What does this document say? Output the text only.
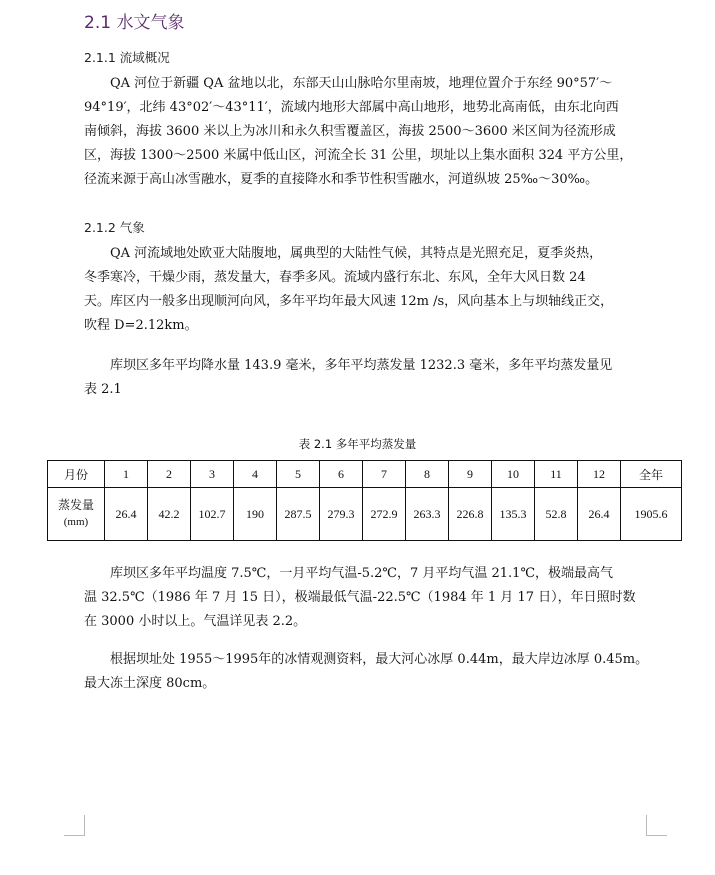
2.1 水文气象
2.1.1 流域概况
QA 河位于新疆 QA 盆地以北，东部天山山脉哈尔里南坡，地理位置介于东经 90°57′～
94°19′，北纬 43°02′～43°11′，流域内地形大部属中高山地形，地势北高南低，由东北向西
南倾斜，海拔 3600 米以上为冰川和永久积雪覆盖区，海拔 2500～3600 米区间为径流形成
区，海拔 1300～2500 米属中低山区，河流全长 31 公里，坝址以上集水面积 324 平方公里，
径流来源于高山冰雪融水，夏季的直接降水和季节性积雪融水，河道纵坡 25‰～30‰。
2.1.2 气象
QA 河流域地处欧亚大陆腹地，属典型的大陆性气候，其特点是光照充足，夏季炎热，
冬季寒冷，干燥少雨，蒸发量大，春季多风。流域内盛行东北、东风，全年大风日数 24
天。库区内一般多出现顺河向风，多年平均年最大风速 12m /s，风向基本上与坝轴线正交，
吹程 D=2.12km。
库坝区多年平均降水量 143.9 毫米，多年平均蒸发量 1232.3 毫米，多年平均蒸发量见
表 2.1
表 2.1 多年平均蒸发量
月份	1	2	3	4	5	6	7	8	9	10	11	12	全年

蒸发量
(mm)	26.4	42.2	102.7	190	287.5	279.3	272.9	263.3	226.8	135.3	52.8	26.4	1905.6
库坝区多年平均温度 7.5℃，一月平均气温-5.2℃，7 月平均气温 21.1℃，极端最高气
温 32.5℃（1986 年 7 月 15 日），极端最低气温-22.5℃（1984 年 1 月 17 日），年日照时数
在 3000 小时以上。气温详见表 2.2。
根据坝址处 1955～1995年的冰情观测资料，最大河心冰厚 0.44m，最大岸边冰厚 0.45m。
最大冻土深度 80cm。
